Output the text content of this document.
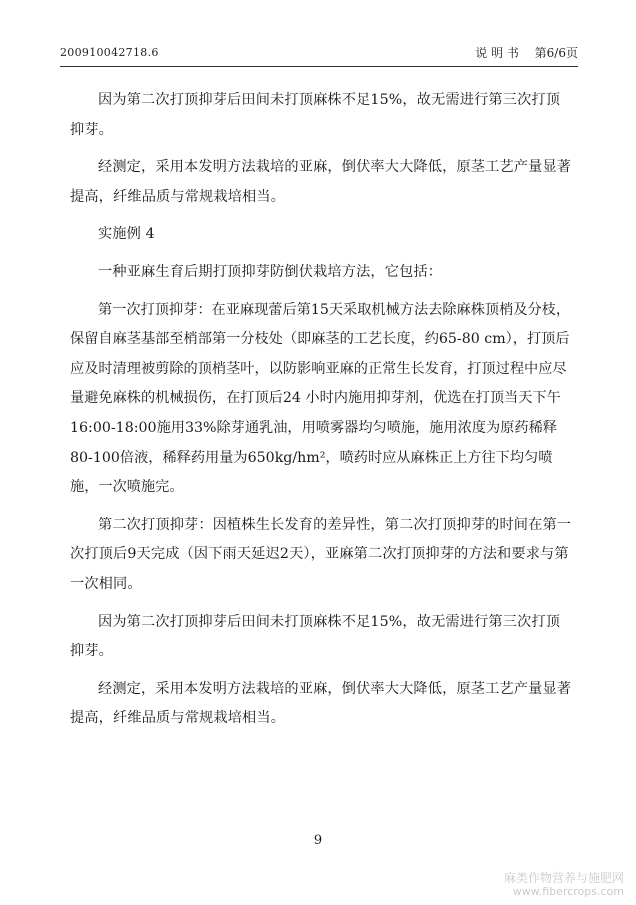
200910042718.6	说 明 书 第6/6页

因为第二次打顶抑芽后田间未打顶麻株不足15%，故无需进行第三次打顶抑芽。

经测定，采用本发明方法栽培的亚麻，倒伏率大大降低，原茎工艺产量显著提高，纤维品质与常规栽培相当。

实施例 4

一种亚麻生育后期打顶抑芽防倒伏栽培方法，它包括：

第一次打顶抑芽：在亚麻现蕾后第15天采取机械方法去除麻株顶梢及分枝，保留自麻茎基部至梢部第一分枝处（即麻茎的工艺长度，约65-80 cm），打顶后应及时清理被剪除的顶梢茎叶，以防影响亚麻的正常生长发育，打顶过程中应尽量避免麻株的机械损伤，在打顶后24 小时内施用抑芽剂，优选在打顶当天下午16:00-18:00施用33%除芽通乳油，用喷雾器均匀喷施，施用浓度为原药稀释80-100倍液，稀释药用量为650kg/hm²，喷药时应从麻株正上方往下均匀喷施，一次喷施完。

第二次打顶抑芽：因植株生长发育的差异性，第二次打顶抑芽的时间在第一次打顶后9天完成（因下雨天延迟2天），亚麻第二次打顶抑芽的方法和要求与第一次相同。

因为第二次打顶抑芽后田间未打顶麻株不足15%，故无需进行第三次打顶抑芽。

经测定，采用本发明方法栽培的亚麻，倒伏率大大降低，原茎工艺产量显著提高，纤维品质与常规栽培相当。

9
麻类作物营养与施肥网
www.fibercrops.com
